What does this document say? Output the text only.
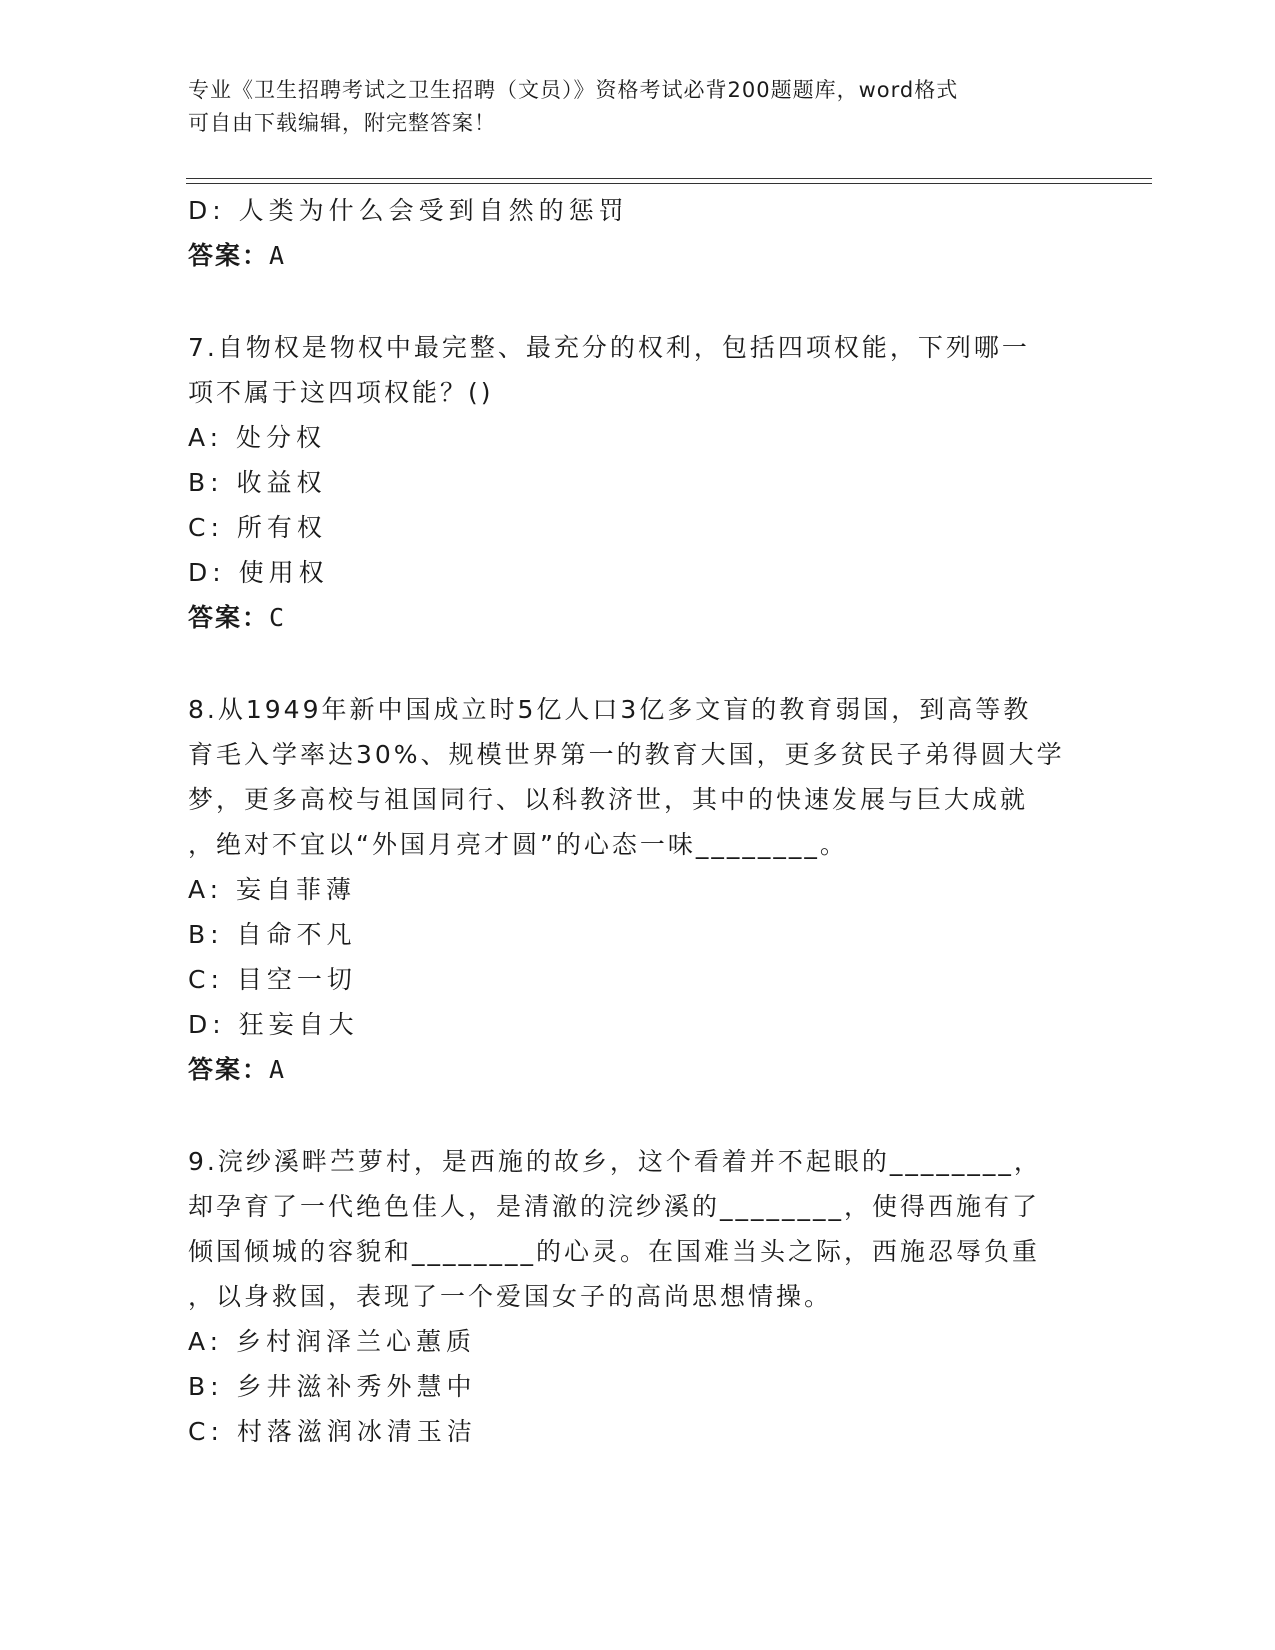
专业《卫生招聘考试之卫生招聘（文员）》资格考试必背200题题库，word格式
可自由下载编辑，附完整答案！
D: 人类为什么会受到自然的惩罚
答案：A
7.自物权是物权中最完整、最充分的权利，包括四项权能，下列哪一
项不属于这四项权能？()
A: 处分权
B: 收益权
C: 所有权
D: 使用权
答案：C
8.从1949年新中国成立时5亿人口3亿多文盲的教育弱国，到高等教
育毛入学率达30%、规模世界第一的教育大国，更多贫民子弟得圆大学
梦，更多高校与祖国同行、以科教济世，其中的快速发展与巨大成就
，绝对不宜以“外国月亮才圆”的心态一味________。
A: 妄自菲薄
B: 自命不凡
C: 目空一切
D: 狂妄自大
答案：A
9.浣纱溪畔苎萝村，是西施的故乡，这个看着并不起眼的________，
却孕育了一代绝色佳人，是清澈的浣纱溪的________，使得西施有了
倾国倾城的容貌和________的心灵。在国难当头之际，西施忍辱负重
，以身救国，表现了一个爱国女子的高尚思想情操。
A: 乡村润泽兰心蕙质
B: 乡井滋补秀外慧中
C: 村落滋润冰清玉洁
